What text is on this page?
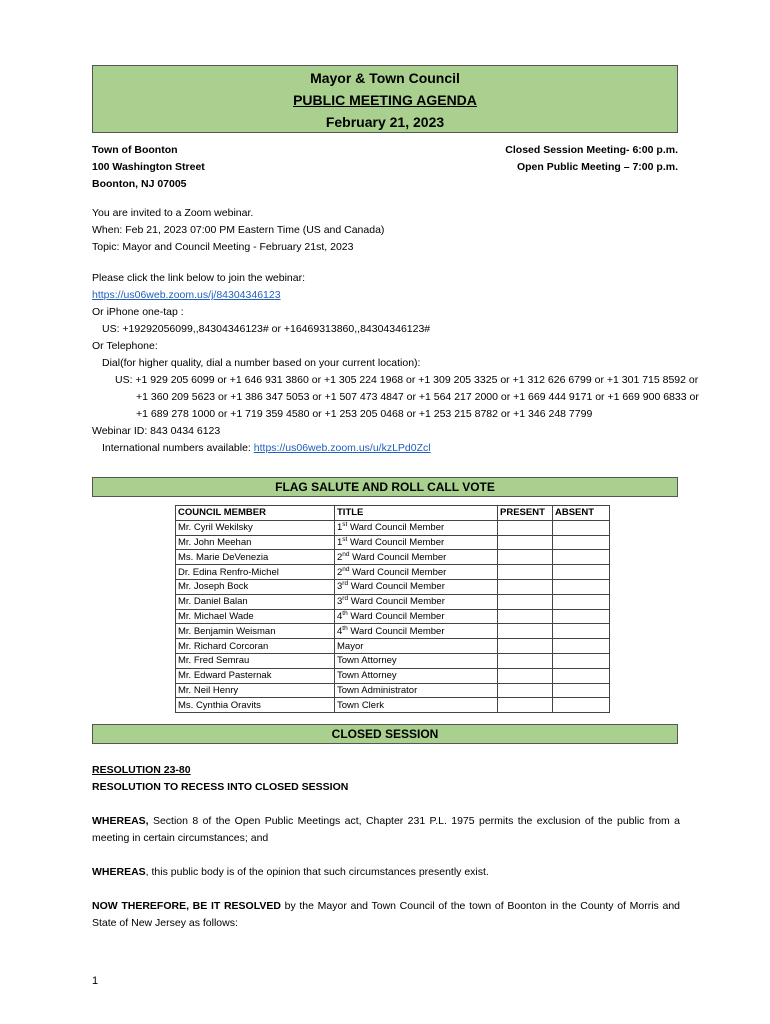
Mayor & Town Council
PUBLIC MEETING AGENDA
February 21, 2023
Town of Boonton
100 Washington Street
Boonton, NJ 07005
Closed Session Meeting- 6:00 p.m.
Open Public Meeting – 7:00 p.m.
You are invited to a Zoom webinar.
When: Feb 21, 2023 07:00 PM Eastern Time (US and Canada)
Topic: Mayor and Council Meeting - February 21st, 2023
Please click the link below to join the webinar:
https://us06web.zoom.us/j/84304346123
Or iPhone one-tap :
US: +19292056099,,84304346123# or +16469313860,,84304346123#
Or Telephone:
Dial(for higher quality, dial a number based on your current location):
US: +1 929 205 6099 or +1 646 931 3860 or +1 305 224 1968 or +1 309 205 3325 or +1 312 626 6799 or +1 301 715 8592 or +1 360 209 5623 or +1 386 347 5053 or +1 507 473 4847 or +1 564 217 2000 or +1 669 444 9171 or +1 669 900 6833 or +1 689 278 1000 or +1 719 359 4580 or +1 253 205 0468 or +1 253 215 8782 or +1 346 248 7799
Webinar ID: 843 0434 6123
International numbers available: https://us06web.zoom.us/u/kzLPd0Zcl
FLAG SALUTE AND ROLL CALL VOTE
COUNCIL MEMBER	TITLE	PRESENT	ABSENT
Mr. Cyril Wekilsky	1st Ward Council Member		
Mr. John Meehan	1st Ward Council Member		
Ms. Marie DeVenezia	2nd Ward Council Member		
Dr. Edina Renfro-Michel	2nd Ward Council Member		
Mr. Joseph Bock	3rd Ward Council Member		
Mr. Daniel Balan	3rd Ward Council Member		
Mr. Michael Wade	4th Ward Council Member		
Mr. Benjamin Weisman	4th Ward Council Member		
Mr. Richard Corcoran	Mayor		
Mr. Fred Semrau	Town Attorney		
Mr. Edward Pasternak	Town Attorney		
Mr. Neil Henry	Town Administrator		
Ms. Cynthia Oravits	Town Clerk		
CLOSED SESSION
RESOLUTION 23-80
RESOLUTION TO RECESS INTO CLOSED SESSION

WHEREAS, Section 8 of the Open Public Meetings act, Chapter 231 P.L. 1975 permits the exclusion of the public from a meeting in certain circumstances; and

WHEREAS, this public body is of the opinion that such circumstances presently exist.

NOW THEREFORE, BE IT RESOLVED by the Mayor and Town Council of the town of Boonton in the County of Morris and State of New Jersey as follows:

1
